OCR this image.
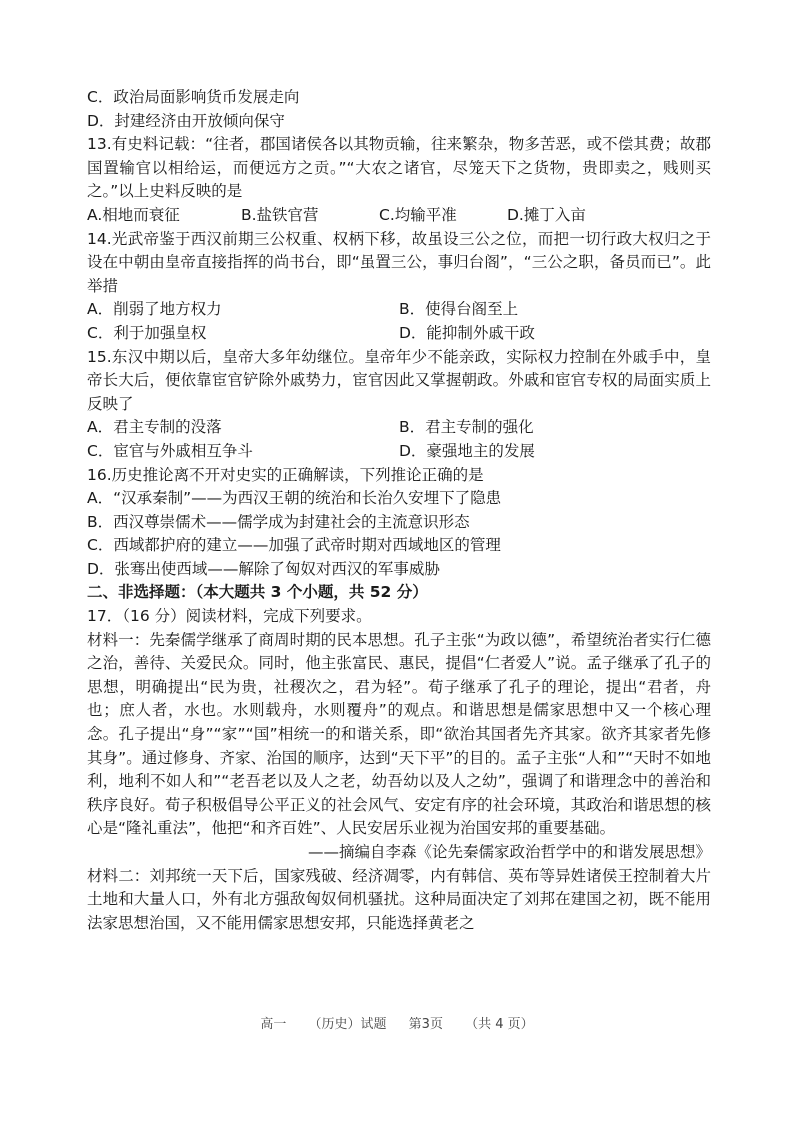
C．政治局面影响货币发展走向
D．封建经济由开放倾向保守
13.有史料记载：“往者，郡国诸侯各以其物贡输，往来繁杂，物多苦恶，或不偿其费；故郡国置输官以相给运，而便远方之贡。”“大农之诸官，尽笼天下之货物，贵即卖之，贱则买之。”以上史料反映的是
A.相地而衰征	B.盐铁官营	C.均输平准	D.摊丁入亩
14.光武帝鉴于西汉前期三公权重、权柄下移，故虽设三公之位，而把一切行政大权归之于设在中朝由皇帝直接指挥的尚书台，即“虽置三公，事归台阁”，“三公之职，备员而已”。此举措
A．削弱了地方权力	B．使得台阁至上
C．利于加强皇权	D．能抑制外戚干政
15.东汉中期以后，皇帝大多年幼继位。皇帝年少不能亲政，实际权力控制在外戚手中，皇帝长大后，便依靠宦官铲除外戚势力，宦官因此又掌握朝政。外戚和宦官专权的局面实质上反映了
A．君主专制的没落	B．君主专制的强化
C．宦官与外戚相互争斗	D．豪强地主的发展
16.历史推论离不开对史实的正确解读，下列推论正确的是
A．“汉承秦制”——为西汉王朝的统治和长治久安埋下了隐患
B．西汉尊崇儒术——儒学成为封建社会的主流意识形态
C．西域都护府的建立——加强了武帝时期对西域地区的管理
D．张骞出使西域——解除了匈奴对西汉的军事威胁
二、非选择题：（本大题共 3 个小题，共 52 分）
17．（16 分）阅读材料，完成下列要求。
材料一：先秦儒学继承了商周时期的民本思想。孔子主张“为政以德”，希望统治者实行仁德之治，善待、关爱民众。同时，他主张富民、惠民，提倡“仁者爱人”说。孟子继承了孔子的思想，明确提出“民为贵，社稷次之，君为轻”。荀子继承了孔子的理论，提出“君者，舟也；庶人者，水也。水则载舟，水则覆舟”的观点。和谐思想是儒家思想中又一个核心理念。孔子提出“身”“家”“国”相统一的和谐关系，即“欲治其国者先齐其家。欲齐其家者先修其身”。通过修身、齐家、治国的顺序，达到“天下平”的目的。孟子主张“人和”“天时不如地利，地利不如人和”“老吾老以及人之老，幼吾幼以及人之幼”，强调了和谐理念中的善治和秩序良好。荀子积极倡导公平正义的社会风气、安定有序的社会环境，其政治和谐思想的核心是“隆礼重法”，他把“和齐百姓”、人民安居乐业视为治国安邦的重要基础。
——摘编自李森《论先秦儒家政治哲学中的和谐发展思想》
材料二：刘邦统一天下后，国家残破、经济凋零，内有韩信、英布等异姓诸侯王控制着大片土地和大量人口，外有北方强敌匈奴伺机骚扰。这种局面决定了刘邦在建国之初，既不能用法家思想治国，又不能用儒家思想安邦，只能选择黄老之
高一 （历史）试题 第3页 （共 4 页）
